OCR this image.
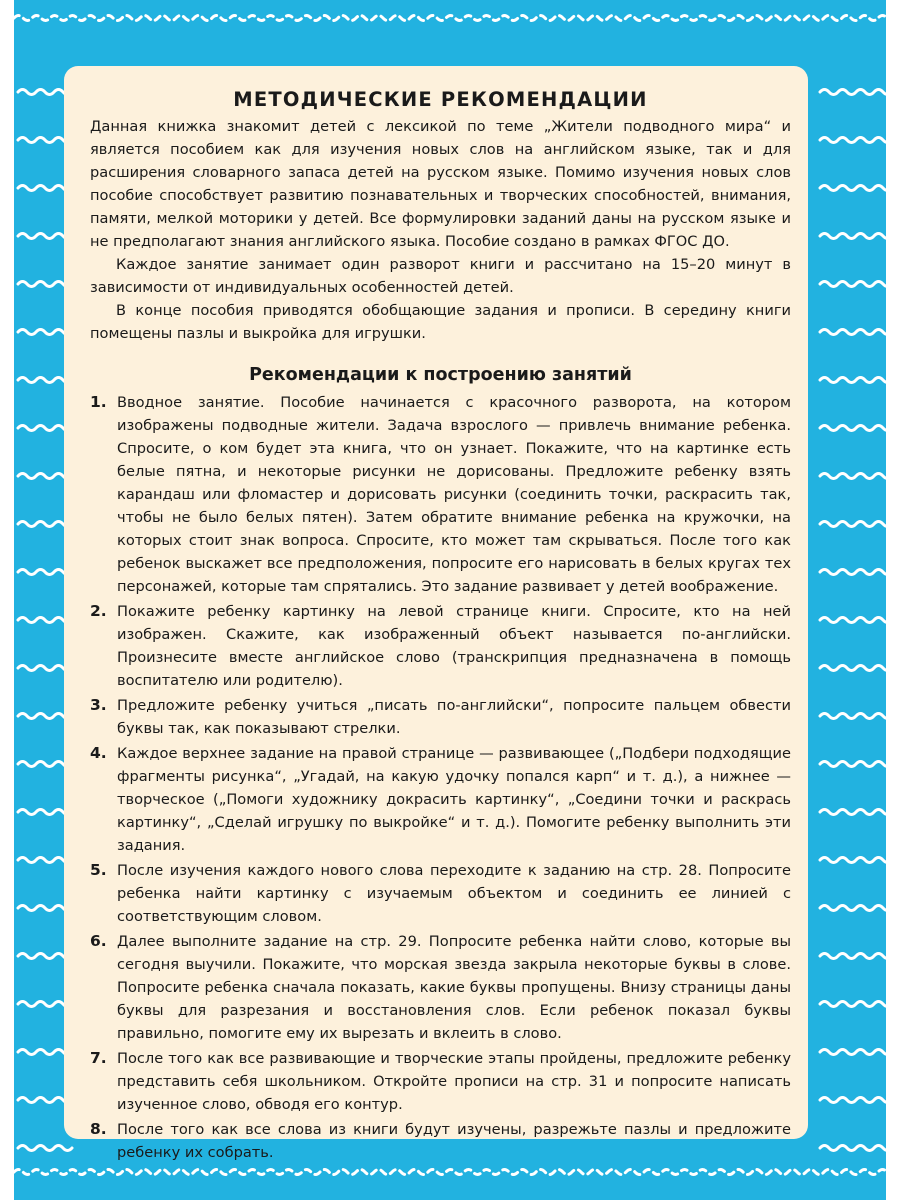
МЕТОДИЧЕСКИЕ РЕКОМЕНДАЦИИ

Данная книжка знакомит детей с лексикой по теме „Жители подводного мира“ и является пособием как для изучения новых слов на английском языке, так и для расширения словарного запаса детей на русском языке. Помимо изучения новых слов пособие способствует развитию познавательных и творческих способностей, внимания, памяти, мелкой моторики у детей. Все формулировки заданий даны на русском языке и не предполагают знания английского языка. Пособие создано в рамках ФГОС ДО.

Каждое занятие занимает один разворот книги и рассчитано на 15–20 минут в зависимости от индивидуальных особенностей детей.

В конце пособия приводятся обобщающие задания и прописи. В середину книги помещены пазлы и выкройка для игрушки.

Рекомендации к построению занятий
1. Вводное занятие. Пособие начинается с красочного разворота, на котором изображены подводные жители. Задача взрослого — привлечь внимание ребенка. Спросите, о ком будет эта книга, что он узнает. Покажите, что на картинке есть белые пятна, и некоторые рисунки не дорисованы. Предложите ребенку взять карандаш или фломастер и дорисовать рисунки (соединить точки, раскрасить так, чтобы не было белых пятен). Затем обратите внимание ребенка на кружочки, на которых стоит знак вопроса. Спросите, кто может там скрываться. После того как ребенок выскажет все предположения, попросите его нарисовать в белых кругах тех персонажей, которые там спрятались. Это задание развивает у детей воображение.
2. Покажите ребенку картинку на левой странице книги. Спросите, кто на ней изображен. Скажите, как изображенный объект называется по-английски. Произнесите вместе английское слово (транскрипция предназначена в помощь воспитателю или родителю).
3. Предложите ребенку учиться „писать по-английски“, попросите пальцем обвести буквы так, как показывают стрелки.
4. Каждое верхнее задание на правой странице — развивающее („Подбери подходящие фрагменты рисунка“, „Угадай, на какую удочку попался карп“ и т. д.), а нижнее — творческое („Помоги художнику докрасить картинку“, „Соедини точки и раскрась картинку“, „Сделай игрушку по выкройке“ и т. д.). Помогите ребенку выполнить эти задания.
5. После изучения каждого нового слова переходите к заданию на стр. 28. Попросите ребенка найти картинку с изучаемым объектом и соединить ее линией с соответствующим словом.
6. Далее выполните задание на стр. 29. Попросите ребенка найти слово, которые вы сегодня выучили. Покажите, что морская звезда закрыла некоторые буквы в слове. Попросите ребенка сначала показать, какие буквы пропущены. Внизу страницы даны буквы для разрезания и восстановления слов. Если ребенок показал буквы правильно, помогите ему их вырезать и вклеить в слово.
7. После того как все развивающие и творческие этапы пройдены, предложите ребенку представить себя школьником. Откройте прописи на стр. 31 и попросите написать изученное слово, обводя его контур.
8. После того как все слова из книги будут изучены, разрежьте пазлы и предложите ребенку их собрать.
